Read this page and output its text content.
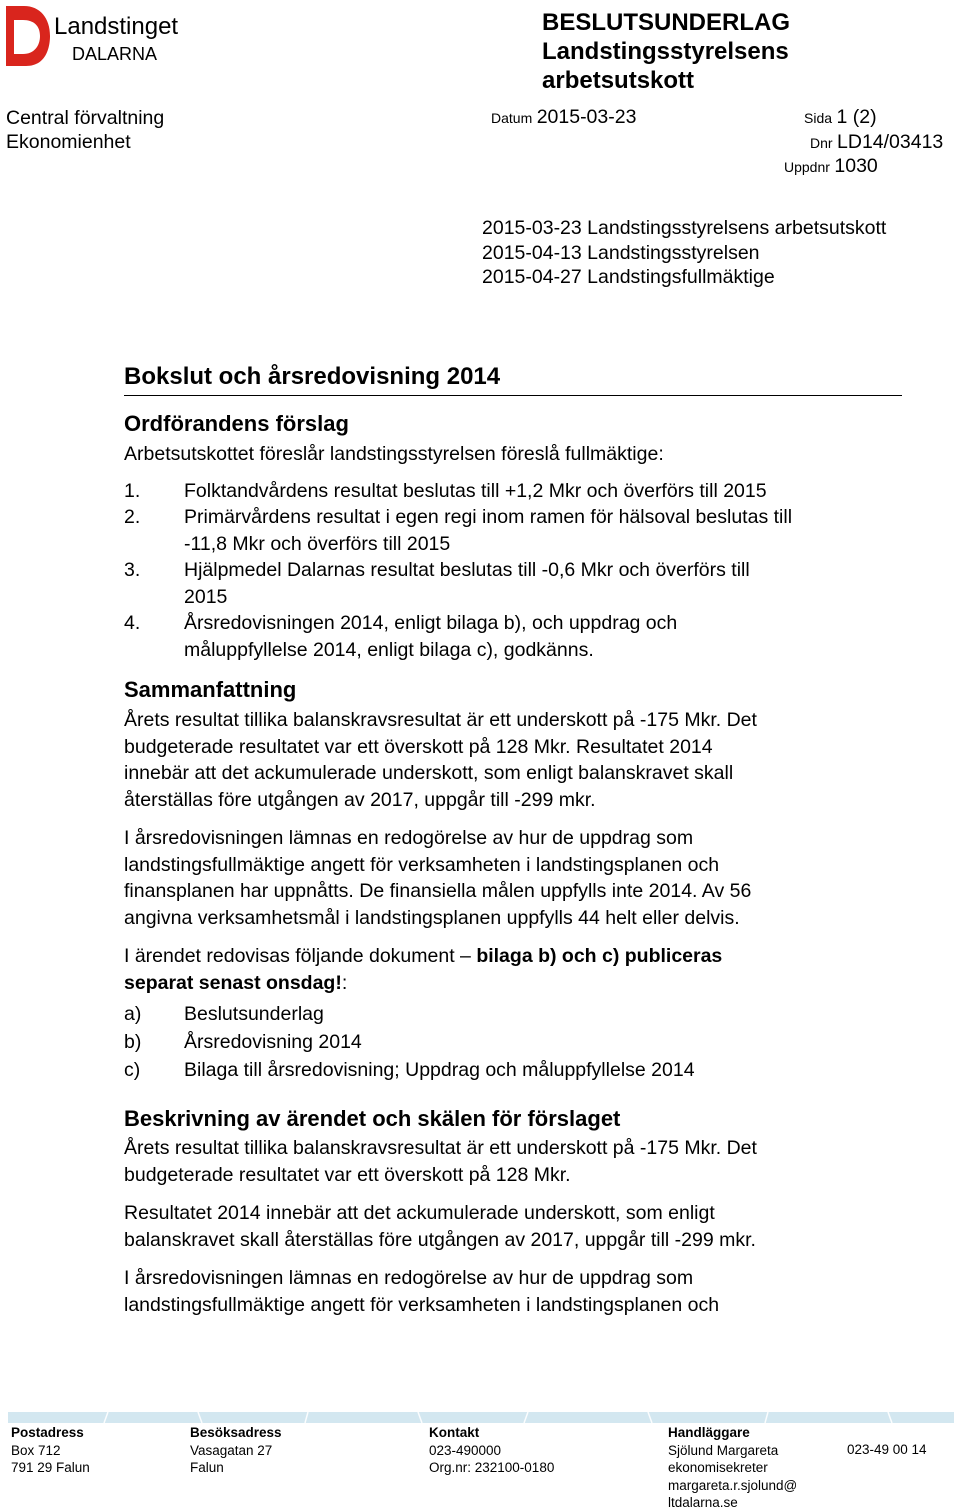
Landstinget
DALARNA
BESLUTSUNDERLAG
Landstingsstyrelsens
arbetsutskott
Central förvaltning
Ekonomienhet
Datum 2015-03-23	Sida 1 (2)
Dnr LD14/03413
Uppdnr 1030
2015-03-23 Landstingsstyrelsens arbetsutskott
2015-04-13 Landstingsstyrelsen
2015-04-27 Landstingsfullmäktige
Bokslut och årsredovisning 2014
Ordförandens förslag

Arbetsutskottet föreslår landstingsstyrelsen föreslå fullmäktige:

1. Folktandvårdens resultat beslutas till +1,2 Mkr och överförs till 2015
2. Primärvårdens resultat i egen regi inom ramen för hälsoval beslutas till
-11,8 Mkr och överförs till 2015
3. Hjälpmedel Dalarnas resultat beslutas till -0,6 Mkr och överförs till
2015
4. Årsredovisningen 2014, enligt bilaga b), och uppdrag och
måluppfyllelse 2014, enligt bilaga c), godkänns.
Sammanfattning

Årets resultat tillika balanskravsresultat är ett underskott på -175 Mkr. Det
budgeterade resultatet var ett överskott på 128 Mkr. Resultatet 2014
innebär att det ackumulerade underskott, som enligt balanskravet skall
återställas före utgången av 2017, uppgår till -299 mkr.

I årsredovisningen lämnas en redogörelse av hur de uppdrag som
landstingsfullmäktige angett för verksamheten i landstingsplanen och
finansplanen har uppnåtts. De finansiella målen uppfylls inte 2014. Av 56
angivna verksamhetsmål i landstingsplanen uppfylls 44 helt eller delvis.

I ärendet redovisas följande dokument – bilaga b) och c) publiceras
separat senast onsdag!:

a) Beslutsunderlag
b) Årsredovisning 2014
c) Bilaga till årsredovisning; Uppdrag och måluppfyllelse 2014
Beskrivning av ärendet och skälen för förslaget

Årets resultat tillika balanskravsresultat är ett underskott på -175 Mkr. Det
budgeterade resultatet var ett överskott på 128 Mkr.

Resultatet 2014 innebär att det ackumulerade underskott, som enligt
balanskravet skall återställas före utgången av 2017, uppgår till -299 mkr.

I årsredovisningen lämnas en redogörelse av hur de uppdrag som
landstingsfullmäktige angett för verksamheten i landstingsplanen och

Postadress
Box 712
791 29 Falun
Besöksadress
Vasagatan 27
Falun
Kontakt
023-490000
Org.nr: 232100-0180
Handläggare
Sjölund Margareta
ekonomisekreter
margareta.r.sjolund@
ltdalarna.se
023-49 00 14
